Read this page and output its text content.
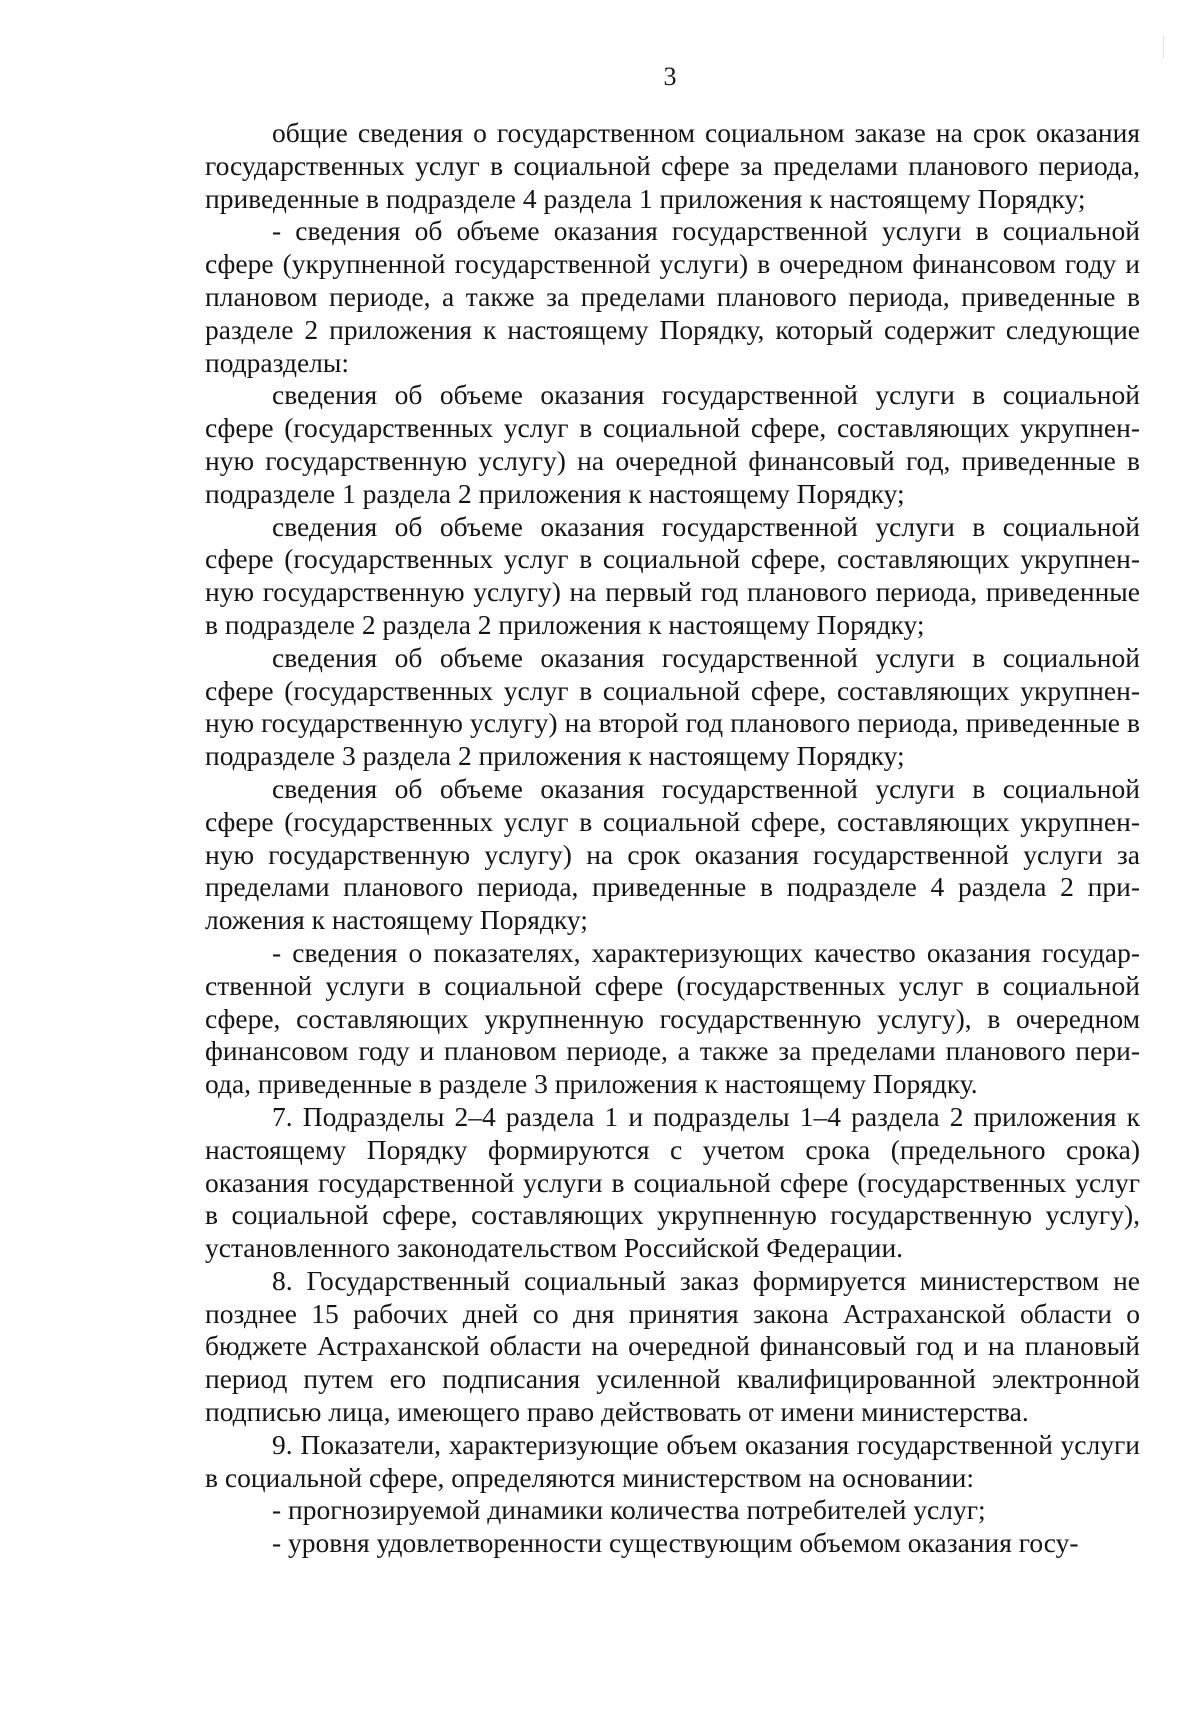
3

общие сведения о государственном социальном заказе на срок оказания государственных услуг в социальной сфере за пределами планового периода, приведенные в подразделе 4 раздела 1 приложения к настоящему Порядку;

- сведения об объеме оказания государственной услуги в социальной сфере (укрупненной государственной услуги) в очередном финансовом году и плановом периоде, а также за пределами планового периода, приведенные в разделе 2 приложения к настоящему Порядку, который содержит следующие подразделы:

сведения об объеме оказания государственной услуги в социальной сфере (государственных услуг в социальной сфере, составляющих укрупненную государственную услугу) на очередной финансовый год, приведенные в подразделе 1 раздела 2 приложения к настоящему Порядку;

сведения об объеме оказания государственной услуги в социальной сфере (государственных услуг в социальной сфере, составляющих укрупненную государственную услугу) на первый год планового периода, приведенные в подразделе 2 раздела 2 приложения к настоящему Порядку;

сведения об объеме оказания государственной услуги в социальной сфере (государственных услуг в социальной сфере, составляющих укрупненную государственную услугу) на второй год планового периода, приведенные в подразделе 3 раздела 2 приложения к настоящему Порядку;

сведения об объеме оказания государственной услуги в социальной сфере (государственных услуг в социальной сфере, составляющих укрупненную государственную услугу) на срок оказания государственной услуги за пределами планового периода, приведенные в подразделе 4 раздела 2 приложения к настоящему Порядку;

- сведения о показателях, характеризующих качество оказания государственной услуги в социальной сфере (государственных услуг в социальной сфере, составляющих укрупненную государственную услугу), в очередном финансовом году и плановом периоде, а также за пределами планового периода, приведенные в разделе 3 приложения к настоящему Порядку.

7. Подразделы 2–4 раздела 1 и подразделы 1–4 раздела 2 приложения к настоящему Порядку формируются с учетом срока (предельного срока) оказания государственной услуги в социальной сфере (государственных услуг в социальной сфере, составляющих укрупненную государственную услугу), установленного законодательством Российской Федерации.

8. Государственный социальный заказ формируется министерством не позднее 15 рабочих дней со дня принятия закона Астраханской области о бюджете Астраханской области на очередной финансовый год и на плановый период путем его подписания усиленной квалифицированной электронной подписью лица, имеющего право действовать от имени министерства.

9. Показатели, характеризующие объем оказания государственной услуги в социальной сфере, определяются министерством на основании:

- прогнозируемой динамики количества потребителей услуг;

- уровня удовлетворенности существующим объемом оказания госу-
